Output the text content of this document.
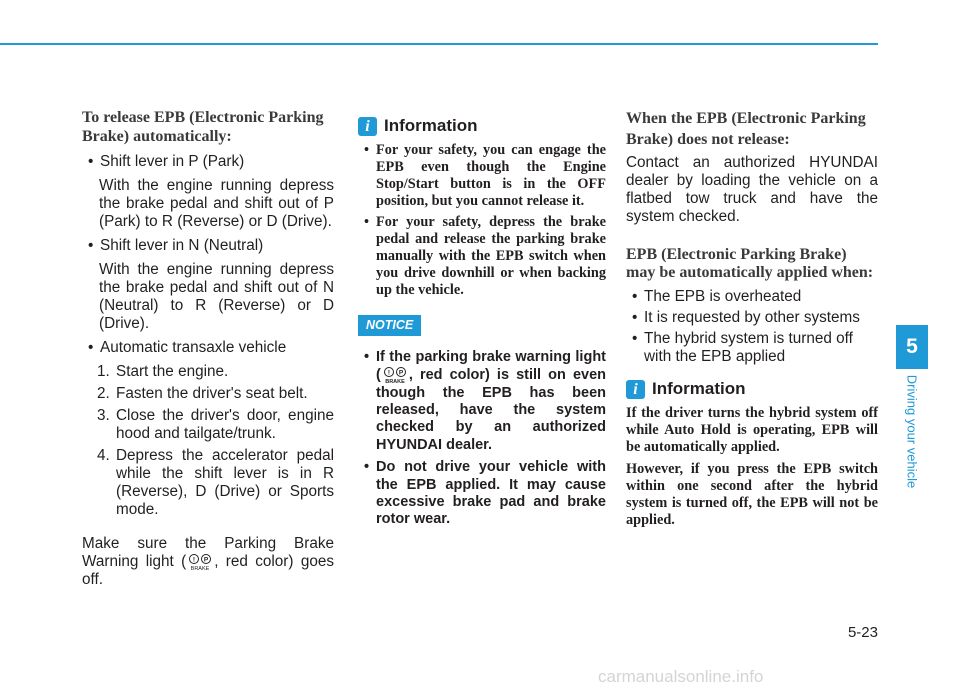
To release EPB (Electronic Parking Brake) automatically:
• Shift lever in P (Park)
With the engine running depress the brake pedal and shift out of P (Park) to R (Reverse) or D (Drive).
• Shift lever in N (Neutral)
With the engine running depress the brake pedal and shift out of N (Neutral) to R (Reverse) or D (Drive).
• Automatic transaxle vehicle
1. Start the engine.
2. Fasten the driver's seat belt.
3. Close the driver's door, engine hood and tailgate/trunk.
4. Depress the accelerator pedal while the shift lever is in R (Reverse), D (Drive) or Sports mode.
Make sure the Parking Brake Warning light ( ! P
BRAKE , red color) goes off.
i Information
• For your safety, you can engage the EPB even though the Engine Stop/Start button is in the OFF position, but you cannot release it.
• For your safety, depress the brake pedal and release the parking brake manually with the EPB switch when you drive downhill or when backing up the vehicle.
NOTICE
• If the parking brake warning light ( ! P
BRAKE , red color) is still on even though the EPB has been released, have the system checked by an authorized HYUNDAI dealer.
• Do not drive your vehicle with the EPB applied. It may cause excessive brake pad and brake rotor wear.
When the EPB (Electronic Parking Brake) does not release:
Contact an authorized HYUNDAI dealer by loading the vehicle on a flatbed tow truck and have the system checked.
EPB (Electronic Parking Brake) may be automatically applied when:
• The EPB is overheated
• It is requested by other systems
• The hybrid system is turned off with the EPB applied
i Information
If the driver turns the hybrid system off while Auto Hold is operating, EPB will be automatically applied.
However, if you press the EPB switch within one second after the hybrid system is turned off, the EPB will not be applied.
5
Driving your vehicle
5-23
carmanualsonline.info
